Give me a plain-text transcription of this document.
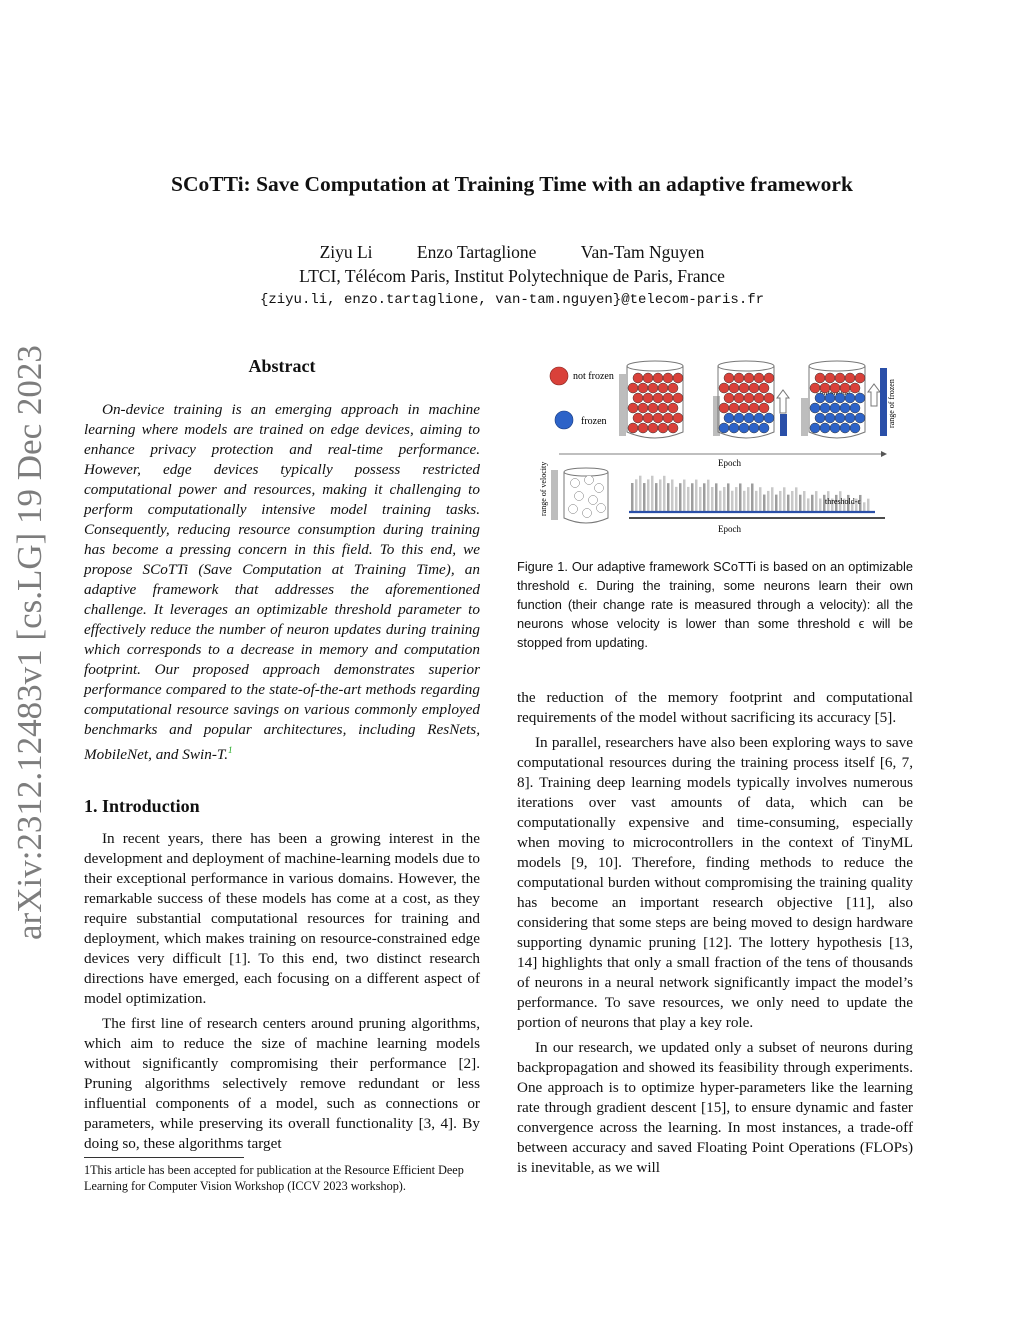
arXiv:2312.12483v1 [cs.LG] 19 Dec 2023
SCoTTi: Save Computation at Training Time with an adaptive framework
Ziyu Li	Enzo Tartaglione	Van-Tam Nguyen
LTCI, Télécom Paris, Institut Polytechnique de Paris, France
{ziyu.li, enzo.tartaglione, van-tam.nguyen}@telecom-paris.fr
Abstract
On-device training is an emerging approach in machine learning where models are trained on edge devices, aiming to enhance privacy protection and real-time performance. However, edge devices typically possess restricted computational power and resources, making it challenging to perform computationally intensive model training tasks. Consequently, reducing resource consumption during training has become a pressing concern in this field. To this end, we propose SCoTTi (Save Computation at Training Time), an adaptive framework that addresses the aforementioned challenge. It leverages an optimizable threshold parameter to effectively reduce the number of neuron updates during training which corresponds to a decrease in memory and computation footprint. Our proposed approach demonstrates superior performance compared to the state-of-the-art methods regarding computational resource savings on various commonly employed benchmarks and popular architectures, including ResNets, MobileNet, and Swin-T.$^1$
1. Introduction

In recent years, there has been a growing interest in the development and deployment of machine-learning models due to their exceptional performance in various domains. However, the remarkable success of these models has come at a cost, as they require substantial computational resources for training and deployment, which makes training on resource-constrained edge devices very difficult [1]. To this end, two distinct research directions have emerged, each focusing on a different aspect of model optimization.

The first line of research centers around pruning algorithms, which aim to reduce the size of machine learning models without significantly compromising their performance [2]. Pruning algorithms selectively remove redundant or less influential components of a model, such as connections or parameters, while preserving its overall functionality [3, 4]. By doing so, these algorithms target

1This article has been accepted for publication at the Resource Efficient Deep Learning for Computer Vision Workshop (ICCV 2023 workshop).
not frozen
frozen	range of frozen
Epoch
range of velocity	threshold-ϵ
Epoch
Figure 1. Our adaptive framework SCoTTi is based on an optimizable threshold ϵ. During the training, some neurons learn their own function (their change rate is measured through a velocity): all the neurons whose velocity is lower than some threshold ϵ will be stopped from updating.

the reduction of the memory footprint and computational requirements of the model without sacrificing its accuracy [5].

In parallel, researchers have also been exploring ways to save computational resources during the training process itself [6, 7, 8]. Training deep learning models typically involves numerous iterations over vast amounts of data, which can be computationally expensive and time-consuming, especially when moving to microcontrollers in the context of TinyML models [9, 10]. Therefore, finding methods to reduce the computational burden without compromising the training quality has become an important research objective [11], also considering that some steps are being moved to design hardware supporting dynamic pruning [12]. The lottery hypothesis [13, 14] highlights that only a small fraction of the tens of thousands of neurons in a neural network significantly impact the model’s performance. To save resources, we only need to update the portion of neurons that play a key role.

In our research, we updated only a subset of neurons during backpropagation and showed its feasibility through experiments. One approach is to optimize hyper-parameters like the learning rate through gradient descent [15], to ensure dynamic and faster convergence across the learning. In most instances, a trade-off between accuracy and saved Floating Point Operations (FLOPs) is inevitable, as we will
